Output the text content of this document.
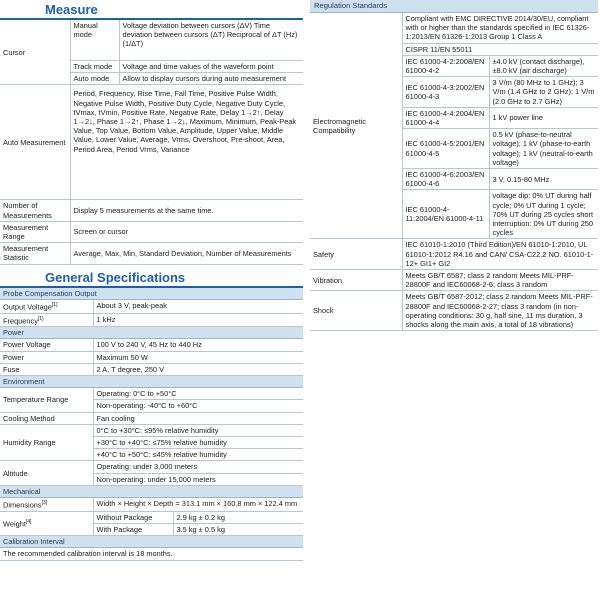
Measure
Cursor	Manual mode	Voltage deviation between cursors (ΔV) Time deviation between cursors (ΔT) Reciprocal of ΔT (Hz) (1/ΔT)
	Track mode	Voltage and time values of the waveform point
	Auto mode	Allow to display cursors during auto measurement
Auto Measurement	Period, Frequency, Rise Time, Fall Time, Positive Pulse Width, Negative Pulse Width, Positive Duty Cycle, Negative Duty Cycle, tVmax, tVmin, Positive Rate, Negative Rate, Delay 1→2↑, Delay 1→2↓, Phase 1→2↑, Phase 1→2↓, Maximum, Minimum, Peak-Peak Value, Top Value, Bottom Value, Amplitude, Upper Value, Middle Value, Lower Value, Average, Vrms, Overshoot, Pre-shoot, Area, Period Area, Period Vrms, Variance	
Number of Measurements	Display 5 measurements at the same time.	
Measurement Range	Screen or cursor	
Measurement Statistic	Average, Max, Min, Standard Deviation, Number of Measurements	
General Specifications
Probe Compensation Output		
Output Voltage[1]	About 3 V, peak-peak	
Frequency[1]	1 kHz	
Power		
Power Voltage	100 V to 240 V, 45 Hz to 440 Hz	
Power	Maximum 50 W	
Fuse	2 A, T degree, 250 V	
Environment		
Temperature Range	Operating: 0°C to +50°C	
	Non-operating: -40°C to +60°C	
Cooling Method	Fan cooling	
Humidity Range	0°C to +30°C: ≤95% relative humidity	
	+30°C to +40°C: ≤75% relative humidity	
	+40°C to +50°C: ≤45% relative humidity	
Altitude	Operating: under 3,000 meters	
	Non-operating: under 15,000 meters	
Mechanical		
Dimensions[3]	Width × Height × Depth = 313.1 mm × 160.8 mm × 122.4 mm	
Weight[4]	Without Package	2.9 kg ± 0.2 kg
	With Package	3.5 kg ± 0.5 kg
Calibration Interval		
The recommended calibration interval is 18 months.		
Regulation Standards
Electromagnetic Compatibility	Compliant with EMC DIRECTIVE 2014/30/EU, compliant with or higher than the standards specified in IEC 61326-1:2013/EN 61326-1:2013 Group 1 Class A	
	CISPR 11/EN 55011	
	IEC 61000-4-2:2008/EN 61000-4-2	±4.0 kV (contact discharge), ±8.0 kV (air discharge)
	IEC 61000-4-3:2002/EN 61000-4-3	3 V/m (80 MHz to 1 GHz); 3 V/m (1.4 GHz to 2 GHz); 1 V/m (2.0 GHz to 2.7 GHz)
	IEC 61000-4-4:2004/EN 61000-4-4	1 kV power line
	IEC 61000-4-5:2001/EN 61000-4-5	0.5 kV (phase-to-neutral voltage); 1 kV (phase-to-earth voltage); 1 kV (neutral-to-earth voltage)
	IEC 61000-4-6:2003/EN 61000-4-6	3 V, 0.15-80 MHz
	IEC 61000-4-11:2004/EN 61000-4-11	voltage dip: 0% UT during half cycle; 0% UT during 1 cycle; 70% UT during 25 cycles short interruption: 0% UT during 250 cycles
Safety	IEC 61010-1:2010 (Third Edition)/EN 61010-1:2010, UL 61010-1:2012 R4.16 and CAN/ CSA-C22.2 NO. 61010-1-12+ GI1+ GI2	
Vibration	Meets GB/T 6587; class 2 random Meets MIL-PRF-28800F and IEC60068-2-6; class 3 random	
Shock	Meets GB/T 6587-2012; class 2 random Meets MIL-PRF-28800F and IEC60068-2-27; class 3 random (in non-operating conditions: 30 g, half sine, 11 ms duration, 3 shocks along the main axis, a total of 18 vibrations)	
